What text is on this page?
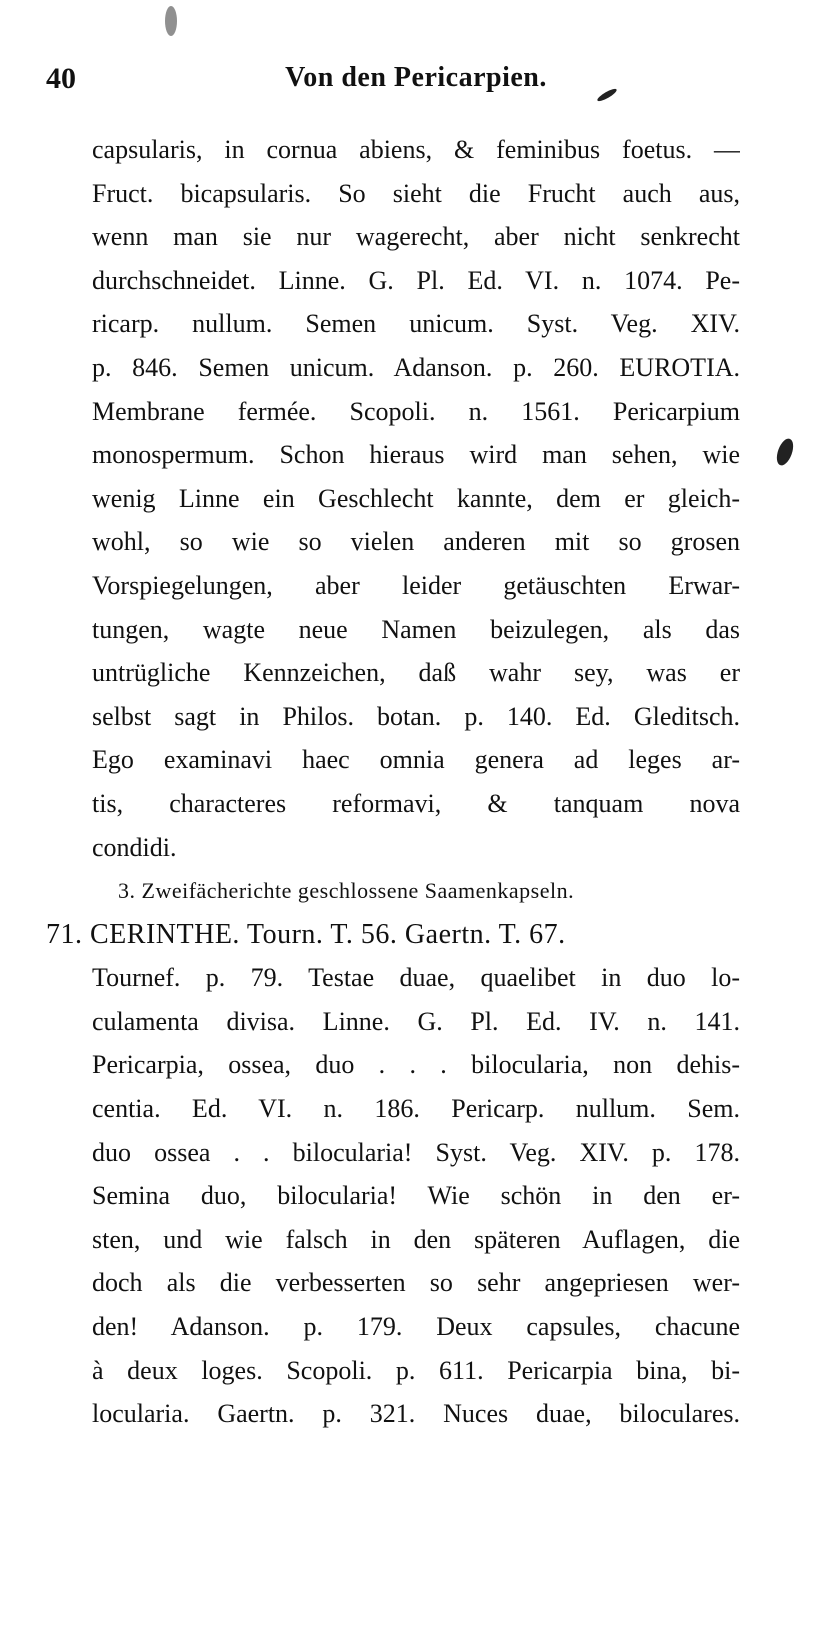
40	Von den Pericarpien.
capsularis, in cornua abiens, & feminibus foetus. —
Fruct. bicapsularis. So sieht die Frucht auch aus,
wenn man sie nur wagerecht, aber nicht senkrecht
durchschneidet. Linne. G. Pl. Ed. VI. n. 1074. Pe-
ricarp. nullum. Semen unicum. Syst. Veg. XIV.
p. 846. Semen unicum. Adanson. p. 260. EUROTIA.
Membrane fermée. Scopoli. n. 1561. Pericarpium
monospermum. Schon hieraus wird man sehen, wie
wenig Linne ein Geschlecht kannte, dem er gleich-
wohl, so wie so vielen anderen mit so grosen
Vorspiegelungen, aber leider getäuschten Erwar-
tungen, wagte neue Namen beizulegen, als das
untrügliche Kennzeichen, daß wahr sey, was er
selbst sagt in Philos. botan. p. 140. Ed. Gleditsch.
Ego examinavi haec omnia genera ad leges ar-
tis, characteres reformavi, & tanquam nova
condidi.
3. Zweifächerichte geschlossene Saamenkapseln.
71. CERINTHE. Tourn. T. 56. Gaertn. T. 67.
Tournef. p. 79. Testae duae, quaelibet in duo lo-
culamenta divisa. Linne. G. Pl. Ed. IV. n. 141.
Pericarpia, ossea, duo . . . bilocularia, non dehis-
centia. Ed. VI. n. 186. Pericarp. nullum. Sem.
duo ossea . . bilocularia! Syst. Veg. XIV. p. 178.
Semina duo, bilocularia! Wie schön in den er-
sten, und wie falsch in den späteren Auflagen, die
doch als die verbesserten so sehr angepriesen wer-
den! Adanson. p. 179. Deux capsules, chacune
à deux loges. Scopoli. p. 611. Pericarpia bina, bi-
locularia. Gaertn. p. 321. Nuces duae, biloculares.
